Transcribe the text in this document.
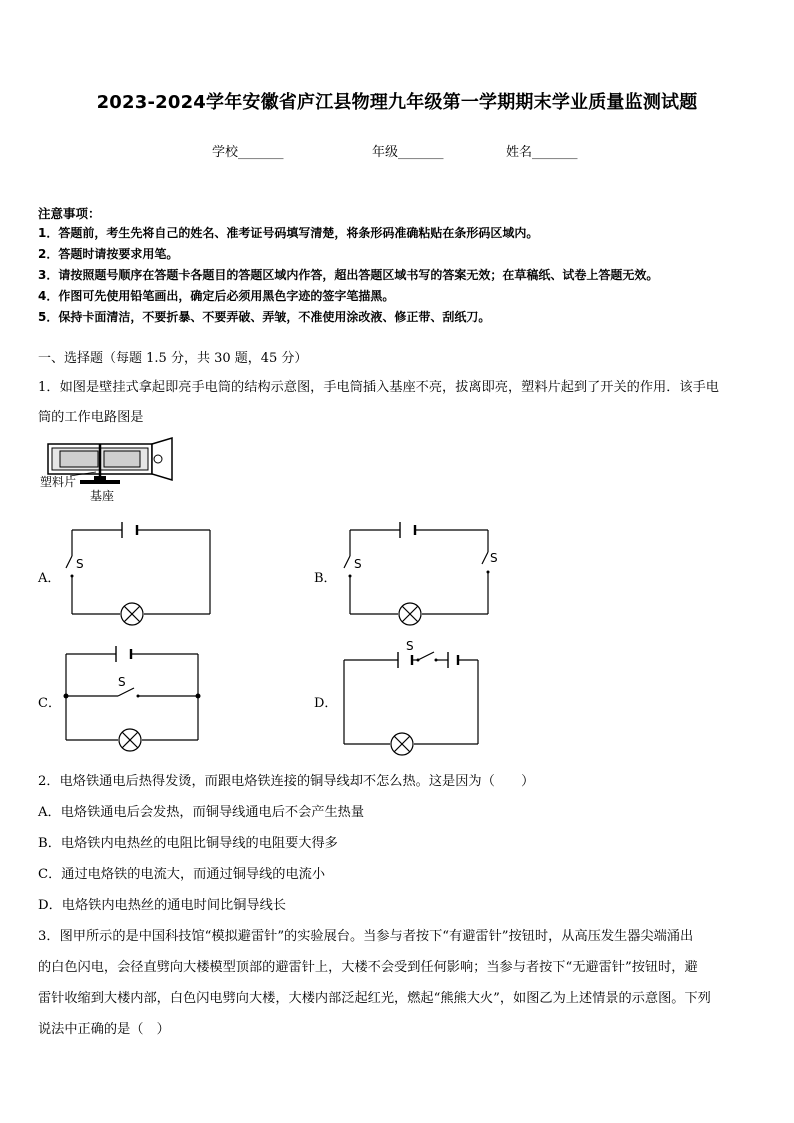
2023-2024学年安徽省庐江县物理九年级第一学期期末学业质量监测试题
学校_______	年级_______	姓名_______
注意事项：
1．答题前，考生先将自己的姓名、准考证号码填写清楚，将条形码准确粘贴在条形码区域内。
2．答题时请按要求用笔。
3．请按照题号顺序在答题卡各题目的答题区域内作答，超出答题区域书写的答案无效；在草稿纸、试卷上答题无效。
4．作图可先使用铅笔画出，确定后必须用黑色字迹的签字笔描黑。
5．保持卡面清洁，不要折暴、不要弄破、弄皱，不准使用涂改液、修正带、刮纸刀。
一、选择题（每题 1.5 分，共 30 题，45 分）
1．如图是壁挂式拿起即亮手电筒的结构示意图，手电筒插入基座不亮，拔离即亮，塑料片起到了开关的作用．该手电
筒的工作电路图是
塑料片
基座
A．
S
B．
S	S
C．
S
D．
S
2．电烙铁通电后热得发烫，而跟电烙铁连接的铜导线却不怎么热。这是因为（　　）
A．电烙铁通电后会发热，而铜导线通电后不会产生热量
B．电烙铁内电热丝的电阻比铜导线的电阻要大得多
C．通过电烙铁的电流大，而通过铜导线的电流小
D．电烙铁内电热丝的通电时间比铜导线长
3．图甲所示的是中国科技馆“模拟避雷针”的实验展台。当参与者按下“有避雷针”按钮时，从高压发生器尖端涌出
的白色闪电，会径直劈向大楼模型顶部的避雷针上，大楼不会受到任何影响；当参与者按下“无避雷针”按钮时，避
雷针收缩到大楼内部，白色闪电劈向大楼，大楼内部泛起红光，燃起“熊熊大火”，如图乙为上述情景的示意图。下列
说法中正确的是（　）
